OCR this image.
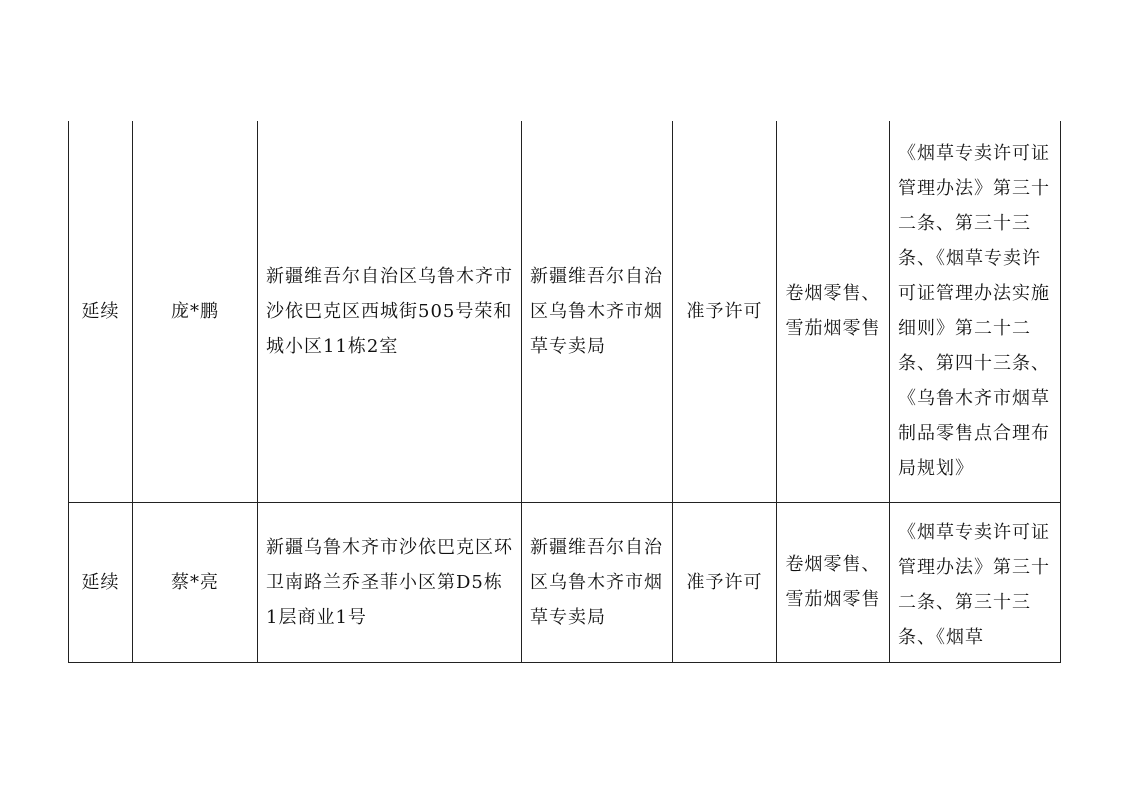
延续	庞*鹏	新疆维吾尔自治区乌鲁木齐市沙依巴克区西城街505号荣和城小区11栋2室	新疆维吾尔自治区乌鲁木齐市烟草专卖局	准予许可	卷烟零售、雪茄烟零售	《烟草专卖许可证管理办法》第三十二条、第三十三条、《烟草专卖许可证管理办法实施细则》第二十二条、第四十三条、《乌鲁木齐市烟草制品零售点合理布局规划》

延续	蔡*亮	新疆乌鲁木齐市沙依巴克区环卫南路兰乔圣菲小区第D5栋1层商业1号	新疆维吾尔自治区乌鲁木齐市烟草专卖局	准予许可	卷烟零售、雪茄烟零售	《烟草专卖许可证管理办法》第三十二条、第三十三条、《烟草
